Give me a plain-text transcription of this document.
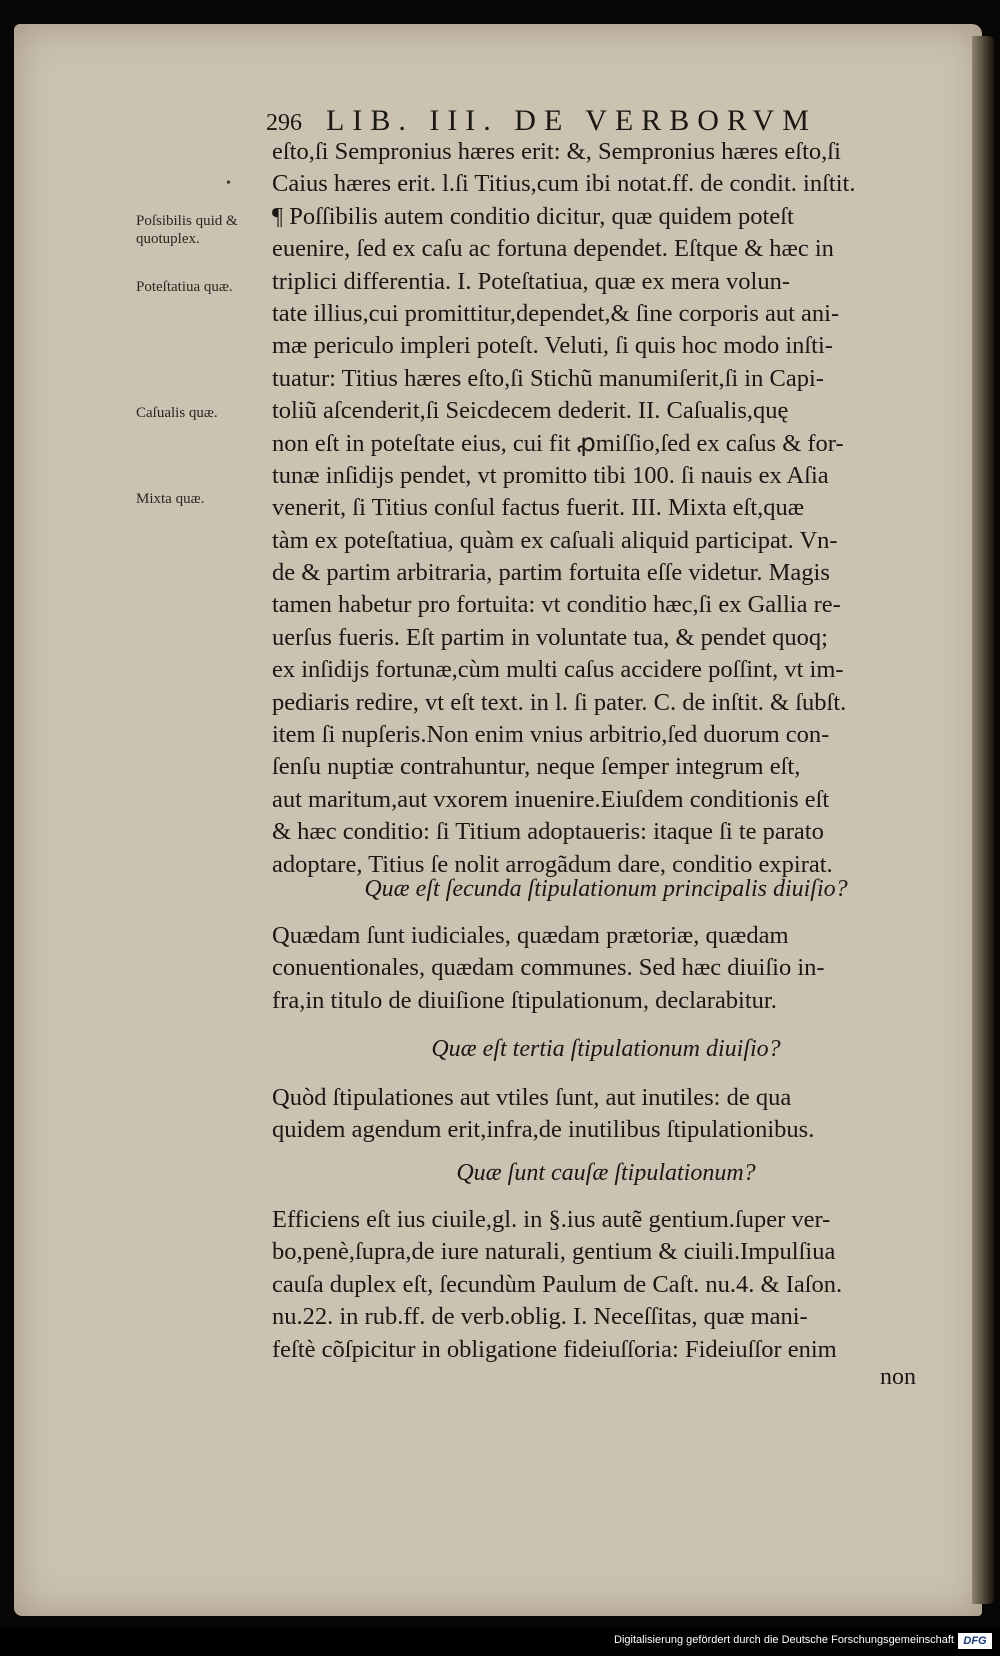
296 LIB. III. DE VERBORVM
•
Poſsibilis quid & quotuplex.
Poteſtatiua quæ.
Caſualis quæ.
Mixta quæ.
eſto,ſi Sempronius hæres erit: &, Sempronius hæres eſto,ſi
Caius hæres erit. l.ſi Titius,cum ibi notat.ff. de condit. inſtit.
¶ Poſſibilis autem conditio dicitur, quæ quidem poteſt
euenire, ſed ex caſu ac fortuna dependet. Eſtque & hæc in
triplici differentia. I. Poteſtatiua, quæ ex mera volun-
tate illius,cui promittitur,dependet,& ſine corporis aut ani-
mæ periculo impleri poteſt. Veluti, ſi quis hoc modo inſti-
tuatur: Titius hæres eſto,ſi Stichũ manumiſerit,ſi in Capi-
toliũ aſcenderit,ſi Seicdecem dederit. II. Caſualis,quę
non eſt in poteſtate eius, cui fit ꝓmiſſio,ſed ex caſus & for-
tunæ inſidijs pendet, vt promitto tibi 100. ſi nauis ex Aſia
venerit, ſi Titius conſul factus fuerit. III. Mixta eſt,quæ
tàm ex poteſtatiua, quàm ex caſuali aliquid participat. Vn-
de & partim arbitraria, partim fortuita eſſe videtur. Magis
tamen habetur pro fortuita: vt conditio hæc,ſi ex Gallia re-
uerſus fueris. Eſt partim in voluntate tua, & pendet quoq;
ex inſidijs fortunæ,cùm multi caſus accidere poſſint, vt im-
pediaris redire, vt eſt text. in l. ſi pater. C. de inſtit. & ſubſt.
item ſi nupſeris.Non enim vnius arbitrio,ſed duorum con-
ſenſu nuptiæ contrahuntur, neque ſemper integrum eſt,
aut maritum,aut vxorem inuenire.Eiuſdem conditionis eſt
& hæc conditio: ſi Titium adoptaueris: itaque ſi te parato
adoptare, Titius ſe nolit arrogãdum dare, conditio expirat.
Quæ eſt ſecunda ſtipulationum principalis diuiſio?
Quædam ſunt iudiciales, quædam prætoriæ, quædam
conuentionales, quædam communes. Sed hæc diuiſio in-
fra,in titulo de diuiſione ſtipulationum, declarabitur.
Quæ eſt tertia ſtipulationum diuiſio?
Quòd ſtipulationes aut vtiles ſunt, aut inutiles: de qua
quidem agendum erit,infra,de inutilibus ſtipulationibus.
Quæ ſunt cauſæ ſtipulationum?
Efficiens eſt ius ciuile,gl. in §.ius autẽ gentium.ſuper ver-
bo,penè,ſupra,de iure naturali, gentium & ciuili.Impulſiua
cauſa duplex eſt, ſecundùm Paulum de Caſt. nu.4. & Iaſon.
nu.22. in rub.ff. de verb.oblig. I. Neceſſitas, quæ mani-
feſtè cõſpicitur in obligatione fideiuſſoria: Fideiuſſor enim
non
Digitalisierung gefördert durch die Deutsche Forschungsgemeinschaft DFG
